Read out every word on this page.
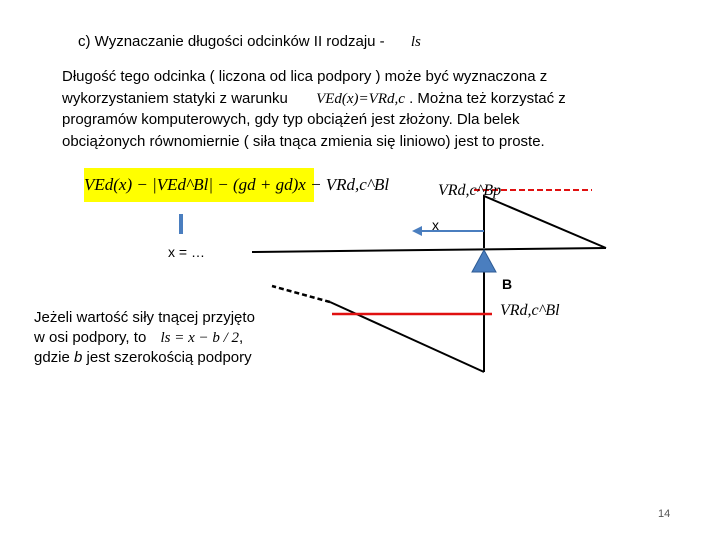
c) Wyznaczanie długości odcinków II rodzaju - ls
Długość tego odcinka ( liczona od lica podpory ) może być wyznaczona z
wykorzystaniem statyki z warunku VEd(x)=VRd,c . Można też korzystać z
programów komputerowych, gdy typ obciążeń jest złożony. Dla belek
obciążonych równomiernie ( siła tnąca zmienia się liniowo) jest to proste.
VEd(x) − |VEd^Bl| − (gd + gd)x − VRd,c^Bl	VRd,c^Bp
x
x = …
B
VRd,c^Bl
Jeżeli wartość siły tnącej przyjęto
w osi podpory, to ls = x − b / 2,
gdzie b jest szerokością podpory
14
